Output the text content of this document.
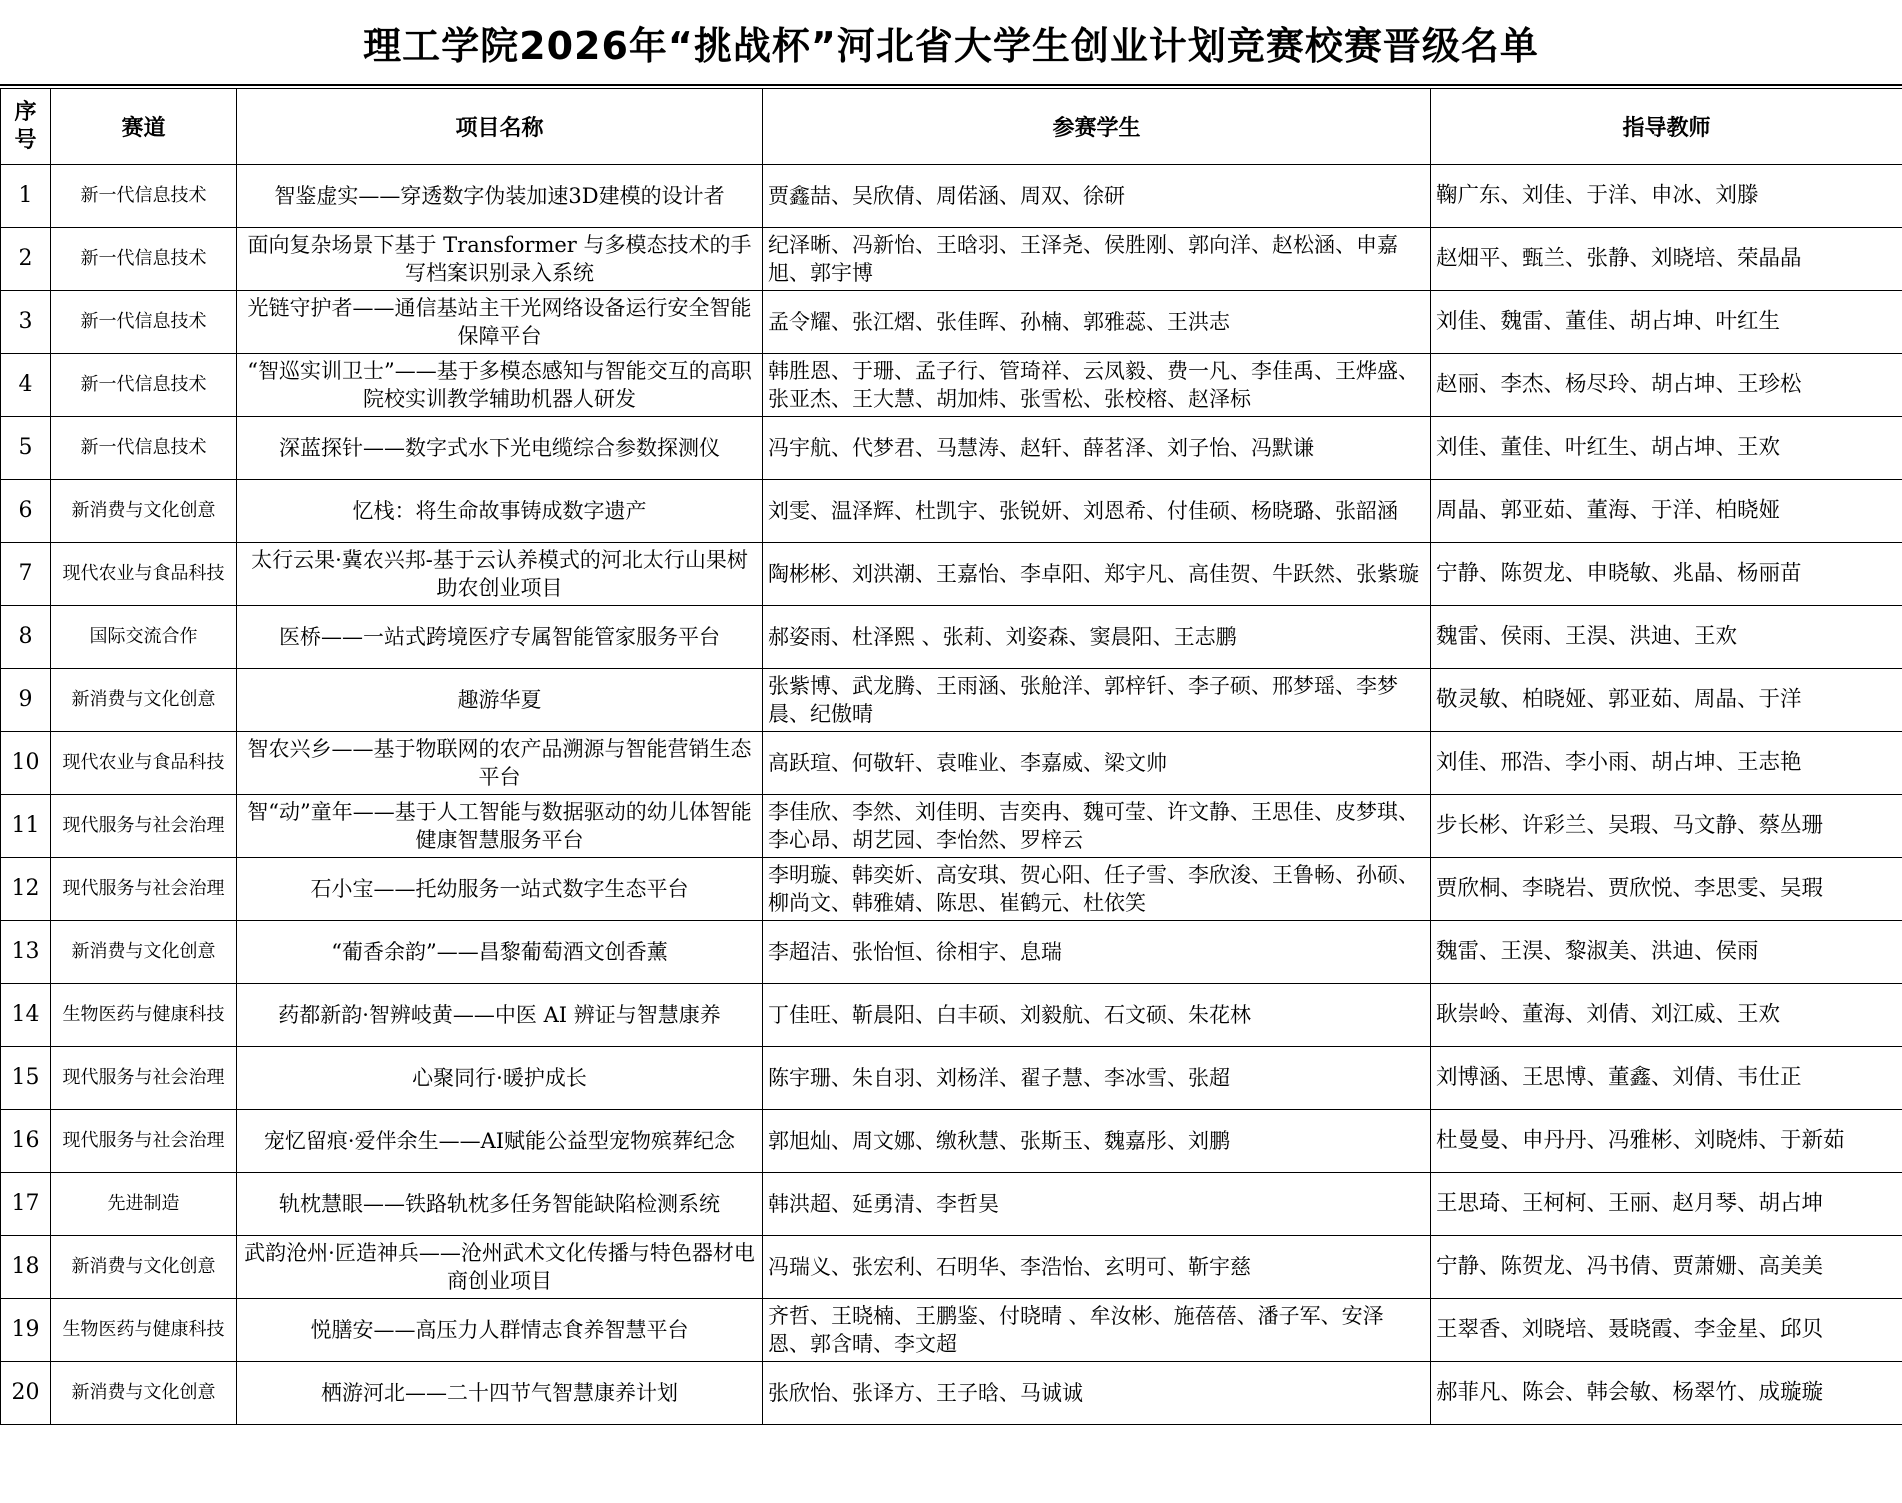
理工学院2026年“挑战杯”河北省大学生创业计划竞赛校赛晋级名单
序
号	赛道	项目名称	参赛学生	指导教师
1	新一代信息技术	智鉴虚实——穿透数字伪装加速3D建模的设计者	贾鑫喆、吴欣倩、周偌涵、周双、徐研	鞠广东、刘佳、于洋、申冰、刘滕
2	新一代信息技术	面向复杂场景下基于 Transformer 与多模态技术的手写档案识别录入系统	纪泽晰、冯新怡、王晗羽、王泽尧、侯胜刚、郭向洋、赵松涵、申嘉旭、郭宇博	赵畑平、甄兰、张静、刘晓培、荣晶晶
3	新一代信息技术	光链守护者——通信基站主干光网络设备运行安全智能保障平台	孟令耀、张江熠、张佳晖、孙楠、郭雅蕊、王洪志	刘佳、魏雷、董佳、胡占坤、叶红生
4	新一代信息技术	“智巡实训卫士”——基于多模态感知与智能交互的高职院校实训教学辅助机器人研发	韩胜恩、于珊、孟子行、管琦祥、云凤毅、费一凡、李佳禹、王烨盛、张亚杰、王大慧、胡加炜、张雪松、张校榕、赵泽标	赵丽、李杰、杨尽玲、胡占坤、王珍松
5	新一代信息技术	深蓝探针——数字式水下光电缆综合参数探测仪	冯宇航、代梦君、马慧涛、赵轩、薛茗泽、刘子怡、冯默谦	刘佳、董佳、叶红生、胡占坤、王欢
6	新消费与文化创意	忆栈：将生命故事铸成数字遗产	刘雯、温泽辉、杜凯宇、张锐妍、刘恩希、付佳硕、杨晓璐、张韶涵	周晶、郭亚茹、董海、于洋、柏晓娅
7	现代农业与食品科技	太行云果·冀农兴邦-基于云认养模式的河北太行山果树助农创业项目	陶彬彬、刘洪潮、王嘉怡、李卓阳、郑宇凡、高佳贺、牛跃然、张紫璇	宁静、陈贺龙、申晓敏、兆晶、杨丽苗
8	国际交流合作	医桥——一站式跨境医疗专属智能管家服务平台	郝姿雨、杜泽熙 、张莉、刘姿森、窦晨阳、王志鹏	魏雷、侯雨、王淏、洪迪、王欢
9	新消费与文化创意	趣游华夏	张紫博、武龙腾、王雨涵、张舱洋、郭梓钎、李子硕、邢梦瑶、李梦晨、纪傲晴	敬灵敏、柏晓娅、郭亚茹、周晶、于洋
10	现代农业与食品科技	智农兴乡——基于物联网的农产品溯源与智能营销生态平台	高跃瑄、何敬轩、袁唯业、李嘉威、梁文帅	刘佳、邢浩、李小雨、胡占坤、王志艳
11	现代服务与社会治理	智“动”童年——基于人工智能与数据驱动的幼儿体智能健康智慧服务平台	李佳欣、李然、刘佳明、吉奕冉、魏可莹、许文静、王思佳、皮梦琪、李心昂、胡艺园、李怡然、罗梓云	步长彬、许彩兰、吴瑕、马文静、蔡丛珊
12	现代服务与社会治理	石小宝——托幼服务一站式数字生态平台	李明璇、韩奕妡、高安琪、贺心阳、任子雪、李欣浚、王鲁畅、孙硕、柳尚文、韩雅婧、陈思、崔鹤元、杜依笑	贾欣桐、李晓岩、贾欣悦、李思雯、吴瑕
13	新消费与文化创意	“葡香余韵”——昌黎葡萄酒文创香薰	李超洁、张怡恒、徐相宇、息瑞	魏雷、王淏、黎淑美、洪迪、侯雨
14	生物医药与健康科技	药都新韵·智辨岐黄——中医 AI 辨证与智慧康养	丁佳旺、靳晨阳、白丰硕、刘毅航、石文硕、朱花林	耿崇岭、董海、刘倩、刘江威、王欢
15	现代服务与社会治理	心聚同行·暖护成长	陈宇珊、朱自羽、刘杨洋、翟子慧、李冰雪、张超	刘博涵、王思博、董鑫、刘倩、韦仕正
16	现代服务与社会治理	宠忆留痕·爱伴余生——AI赋能公益型宠物殡葬纪念	郭旭灿、周文娜、缴秋慧、张斯玉、魏嘉彤、刘鹏	杜曼曼、申丹丹、冯雅彬、刘晓炜、于新茹
17	先进制造	轨枕慧眼——铁路轨枕多任务智能缺陷检测系统	韩洪超、延勇清、李哲昊	王思琦、王柯柯、王丽、赵月琴、胡占坤
18	新消费与文化创意	武韵沧州·匠造神兵——沧州武术文化传播与特色器材电商创业项目	冯瑞义、张宏利、石明华、李浩怡、玄明可、靳宇慈	宁静、陈贺龙、冯书倩、贾萧姗、高美美
19	生物医药与健康科技	悦膳安——高压力人群情志食养智慧平台	齐哲、王晓楠、王鹏鉴、付晓晴 、牟汝彬、施蓓蓓、潘子军、安泽恩、郭含晴、李文超	王翠香、刘晓培、聂晓霞、李金星、邱贝
20	新消费与文化创意	栖游河北——二十四节气智慧康养计划	张欣怡、张译方、王子晗、马诚诚	郝菲凡、陈会、韩会敏、杨翠竹、成璇璇
